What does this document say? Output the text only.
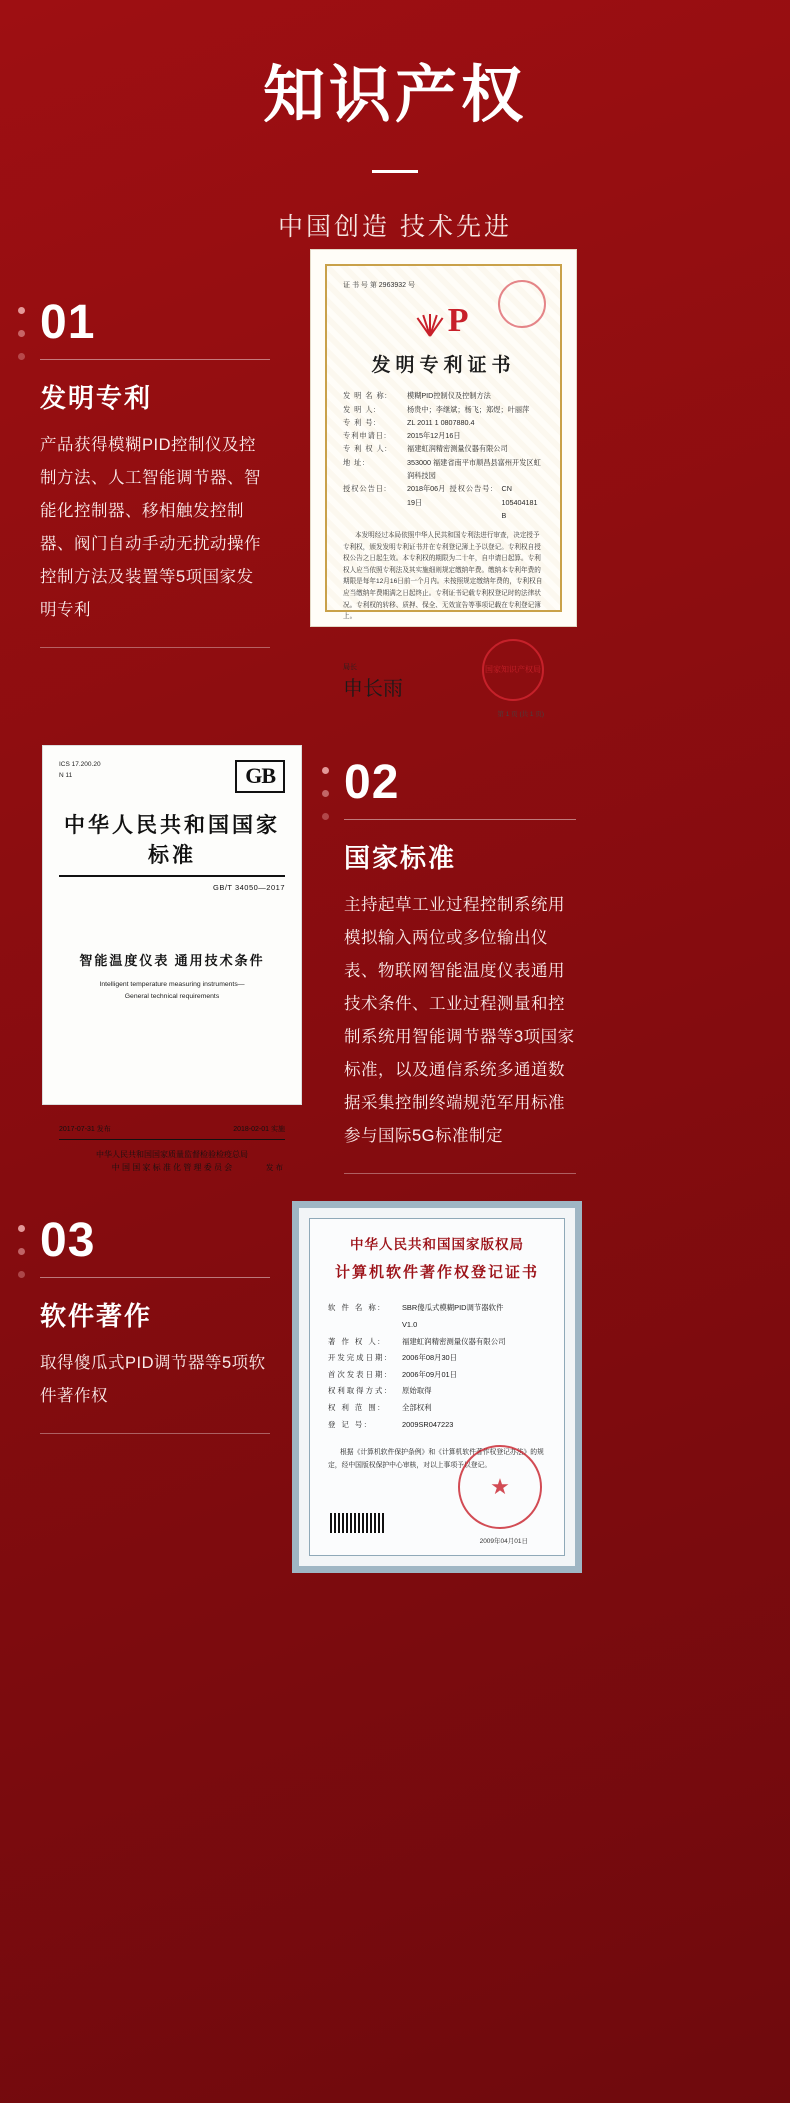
知识产权
中国创造 技术先进
01
发明专利
产品获得模糊PID控制仪及控制方法、人工智能调节器、智能化控制器、移相触发控制器、阀门自动手动无扰动操作控制方法及装置等5项国家发明专利
证 书 号 第 2963932 号
P
发明专利证书
发 明 名 称:	模糊PID控制仪及控制方法
发 明 人:	杨贵中；李继斌；杨飞；郑煜；叶丽萍
专 利 号:	ZL 2011 1 0807880.4
专利申请日:	2015年12月16日
专 利 权 人:	福建虹润精密测量仪器有限公司
地 址:	353000 福建省南平市顺昌县富州开发区虹润科技园
授权公告日:	2018年06月19日
授权公告号:	CN 105404181 B
本发明经过本局依照中华人民共和国专利法进行审查，决定授予专利权，颁发发明专利证书并在专利登记簿上予以登记。专利权自授权公告之日起生效。本专利权的期限为二十年，自申请日起算。专利权人应当依照专利法及其实施细则规定缴纳年费。缴纳本专利年费的期限是每年12月16日前一个月内。未按照规定缴纳年费的，专利权自应当缴纳年费期满之日起终止。专利证书记载专利权登记时的法律状况。专利权的转移、质押、保全、无效宣告等事项记载在专利登记簿上。
局长
申长雨
国家知识产权局
第 1 页 (共 1 页)
02
国家标准
主持起草工业过程控制系统用模拟输入两位或多位输出仪表、物联网智能温度仪表通用技术条件、工业过程测量和控制系统用智能调节器等3项国家标准，以及通信系统多通道数据采集控制终端规范军用标准参与国际5G标准制定
ICS 17.200.20
N 11	GB
中华人民共和国国家标准
GB/T 34050—2017
智能温度仪表 通用技术条件
Intelligent temperature measuring instruments—
General technical requirements
2017-07-31 发布	2018-02-01 实施
中华人民共和国国家质量监督检验检疫总局
中 国 国 家 标 准 化 管 理 委 员 会	发 布
03
软件著作
取得傻瓜式PID调节器等5项软件著作权
中华人民共和国国家版权局
计算机软件著作权登记证书
软 件 名 称:	SBR傻瓜式模糊PID调节器软件
V1.0
著 作 权 人:	福建虹润精密测量仪器有限公司
开发完成日期:	2006年08月30日
首次发表日期:	2006年09月01日
权利取得方式:	原始取得
权 利 范 围:	全部权利
登 记 号:	2009SR047223
根据《计算机软件保护条例》和《计算机软件著作权登记办法》的规定，经中国版权保护中心审核，对以上事项予以登记。
★
2009年04月01日
